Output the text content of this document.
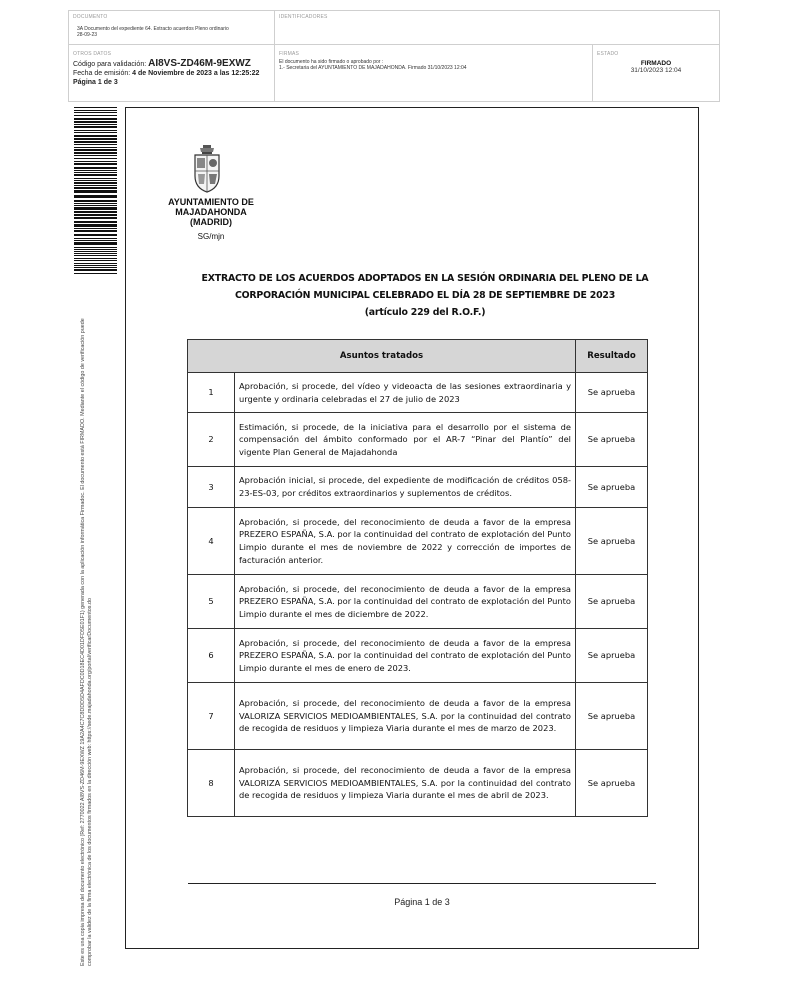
DOCUMENTO
3A Documento del expediente 64. Extracto acuerdos Pleno ordinario 28-09-23
IDENTIFICADORES
OTROS DATOS
Código para validación: AI8VS-ZD46M-9EXWZ
Fecha de emisión: 4 de Noviembre de 2023 a las 12:25:22
Página 1 de 3
FIRMAS
El documento ha sido firmado o aprobado por :
1.- Secretaria del AYUNTAMIENTO DE MAJADAHONDA. Firmado 31/10/2023 12:04
ESTADO
FIRMADO
31/10/2023 12:04
Este es una copia impresa del documento electrónico (Ref: 2770022 AI8VS-ZD46M-9EXWZ 19A2A4C7C8DDD5D4AFDC0D18EC4D01DFD5E01F1) generada con la aplicación informática Firmadoc. El documento está FIRMADO. Mediante el código de verificación puede comprobar la validez de la firma electrónica de los documentos firmados en la dirección web: https://sede.majadahonda.org/portal/verificarDocumentos.do
AYUNTAMIENTO DE
MAJADAHONDA
(MADRID)
SG/mjn
EXTRACTO DE LOS ACUERDOS ADOPTADOS EN LA SESIÓN ORDINARIA DEL PLENO DE LA
CORPORACIÓN MUNICIPAL CELEBRADO EL DÍA 28 DE SEPTIEMBRE DE 2023
(artículo 229 del R.O.F.)
Asuntos tratados		Resultado
1	Aprobación, si procede, del vídeo y videoacta de las sesiones extraordinaria y urgente y ordinaria celebradas el 27 de julio de 2023	Se aprueba
2	Estimación, si procede, de la iniciativa para el desarrollo por el sistema de compensación del ámbito conformado por el AR-7 “Pinar del Plantío” del vigente Plan General de Majadahonda	Se aprueba
3	Aprobación inicial, si procede, del expediente de modificación de créditos 058-23-ES-03, por créditos extraordinarios y suplementos de créditos.	Se aprueba
4	Aprobación, si procede, del reconocimiento de deuda a favor de la empresa PREZERO ESPAÑA, S.A. por la continuidad del contrato de explotación del Punto Limpio durante el mes de noviembre de 2022 y corrección de importes de facturación anterior.	Se aprueba
5	Aprobación, si procede, del reconocimiento de deuda a favor de la empresa PREZERO ESPAÑA, S.A. por la continuidad del contrato de explotación del Punto Limpio durante el mes de diciembre de 2022.	Se aprueba
6	Aprobación, si procede, del reconocimiento de deuda a favor de la empresa PREZERO ESPAÑA, S.A. por la continuidad del contrato de explotación del Punto Limpio durante el mes de enero de 2023.	Se aprueba
7	Aprobación, si procede, del reconocimiento de deuda a favor de la empresa VALORIZA SERVICIOS MEDIOAMBIENTALES, S.A. por la continuidad del contrato de recogida de residuos y limpieza Viaria durante el mes de marzo de 2023.	Se aprueba
8	Aprobación, si procede, del reconocimiento de deuda a favor de la empresa VALORIZA SERVICIOS MEDIOAMBIENTALES, S.A. por la continuidad del contrato de recogida de residuos y limpieza Viaria durante el mes de abril de 2023.	Se aprueba
Página 1 de 3
